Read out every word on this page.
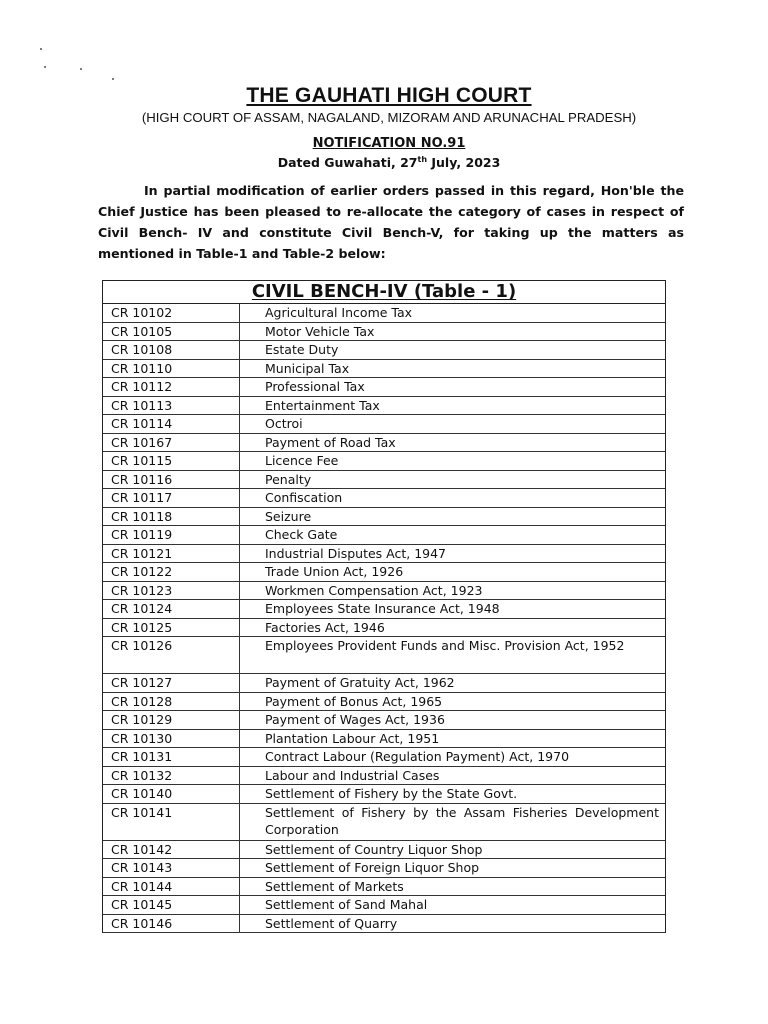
THE GAUHATI HIGH COURT
(HIGH COURT OF ASSAM, NAGALAND, MIZORAM AND ARUNACHAL PRADESH)
NOTIFICATION NO.91
Dated Guwahati, 27th July, 2023

In partial modification of earlier orders passed in this regard, Hon'ble the Chief Justice has been pleased to re-allocate the category of cases in respect of Civil Bench- IV and constitute Civil Bench-V, for taking up the matters as mentioned in Table-1 and Table-2 below:

CIVIL BENCH-IV (Table - 1)
CR 10102	Agricultural Income Tax
CR 10105	Motor Vehicle Tax
CR 10108	Estate Duty
CR 10110	Municipal Tax
CR 10112	Professional Tax
CR 10113	Entertainment Tax
CR 10114	Octroi
CR 10167	Payment of Road Tax
CR 10115	Licence Fee
CR 10116	Penalty
CR 10117	Confiscation
CR 10118	Seizure
CR 10119	Check Gate
CR 10121	Industrial Disputes Act, 1947
CR 10122	Trade Union Act, 1926
CR 10123	Workmen Compensation Act, 1923
CR 10124	Employees State Insurance Act, 1948
CR 10125	Factories Act, 1946
CR 10126	Employees Provident Funds and Misc. Provision Act, 1952
CR 10127	Payment of Gratuity Act, 1962
CR 10128	Payment of Bonus Act, 1965
CR 10129	Payment of Wages Act, 1936
CR 10130	Plantation Labour Act, 1951
CR 10131	Contract Labour (Regulation Payment) Act, 1970
CR 10132	Labour and Industrial Cases
CR 10140	Settlement of Fishery by the State Govt.
CR 10141	Settlement of Fishery by the Assam Fisheries Development Corporation
CR 10142	Settlement of Country Liquor Shop
CR 10143	Settlement of Foreign Liquor Shop
CR 10144	Settlement of Markets
CR 10145	Settlement of Sand Mahal
CR 10146	Settlement of Quarry
